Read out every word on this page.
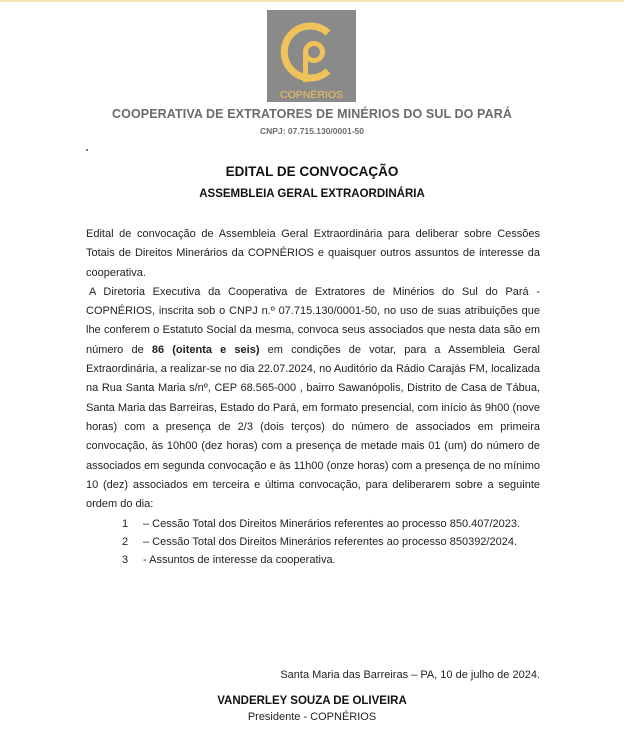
COPNÉRIOS
COOPERATIVA DE EXTRATORES DE MINÉRIOS DO SUL DO PARÁ
CNPJ: 07.715.130/0001-50
EDITAL DE CONVOCAÇÃO
ASSEMBLEIA GERAL EXTRAORDINÁRIA

Edital de convocação de Assembleia Geral Extraordinária para deliberar sobre Cessões Totais de Direitos Minerários da COPNÉRIOS e quaisquer outros assuntos de interesse da cooperativa.

A Diretoria Executiva da Cooperativa de Extratores de Minérios do Sul do Pará - COPNÉRIOS, inscrita sob o CNPJ n.º 07.715.130/0001-50, no uso de suas atribuições que lhe conferem o Estatuto Social da mesma, convoca seus associados que nesta data são em número de 86 (oitenta e seis) em condições de votar, para a Assembleia Geral Extraordinária, a realizar-se no dia 22.07.2024, no Auditório da Rádio Carajás FM, localizada na Rua Santa Maria s/nº, CEP 68.565-000 , bairro Sawanópolis, Distrito de Casa de Tábua, Santa Maria das Barreiras, Estado do Pará, em formato presencial, com início às 9h00 (nove horas) com a presença de 2/3 (dois terços) do número de associados em primeira convocação, às 10h00 (dez horas) com a presença de metade mais 01 (um) do número de associados em segunda convocação e às 11h00 (onze horas) com a presença de no mínimo 10 (dez) associados em terceira e última convocação, para deliberarem sobre a seguinte ordem do dia:

1 – Cessão Total dos Direitos Minerários referentes ao processo 850.407/2023.
2 – Cessão Total dos Direitos Minerários referentes ao processo 850392/2024.
3 - Assuntos de interesse da cooperativa.
Santa Maria das Barreiras – PA, 10 de julho de 2024.
VANDERLEY SOUZA DE OLIVEIRA
Presidente - COPNÉRIOS
